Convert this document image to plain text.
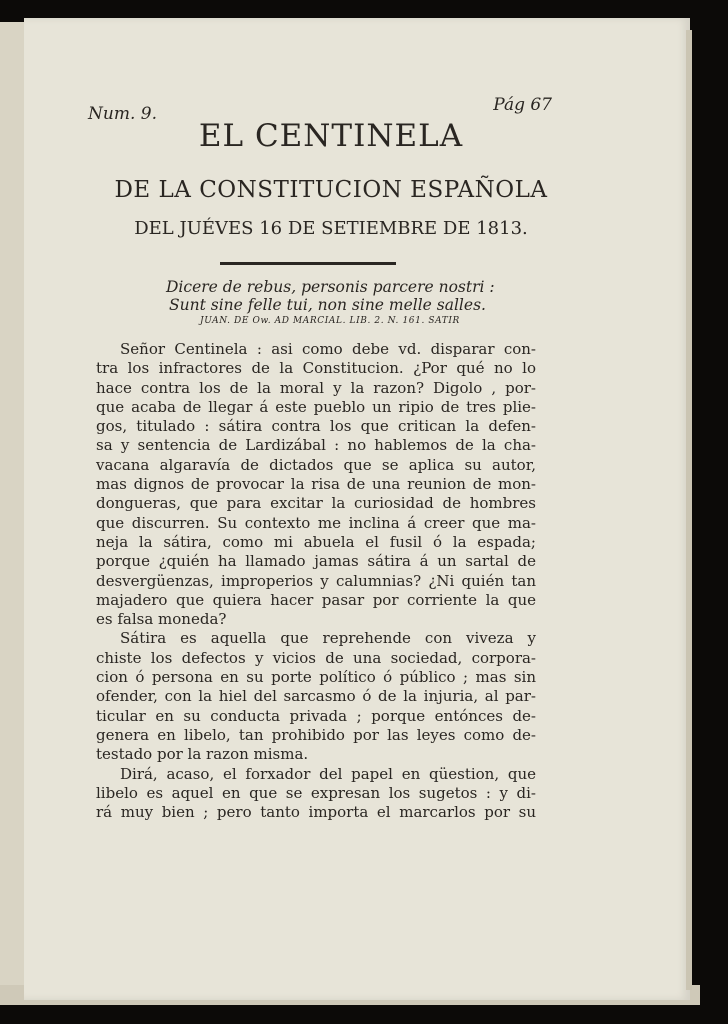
Num. 9.	Pág 67
EL CENTINELA
DE LA CONSTITUCION ESPAÑOLA
DEL JUÉVES 16 DE SETIEMBRE DE 1813.
Dicere de rebus, personis parcere nostri :
Sunt sine felle tui, non sine melle salles.
JUAN. DE Ow. AD MARCIAL. LIB. 2. N. 161. SATIR
Señor Centinela : asi como debe vd. disparar con-
tra los infractores de la Constitucion. ¿Por qué no lo
hace contra los de la moral y la razon? Digolo , por-
que acaba de llegar á este pueblo un ripio de tres plie-
gos, titulado : sátira contra los que critican la defen-
sa y sentencia de Lardizábal : no hablemos de la cha-
vacana algaravía de dictados que se aplica su autor,
mas dignos de provocar la risa de una reunion de mon-
dongueras, que para excitar la curiosidad de hombres
que discurren. Su contexto me inclina á creer que ma-
neja la sátira, como mi abuela el fusil ó la espada;
porque ¿quién ha llamado jamas sátira á un sartal de
desvergüenzas, improperios y calumnias? ¿Ni quién tan
majadero que quiera hacer pasar por corriente la que
es falsa moneda?
Sátira es aquella que reprehende con viveza y
chiste los defectos y vicios de una sociedad, corpora-
cion ó persona en su porte político ó público ; mas sin
ofender, con la hiel del sarcasmo ó de la injuria, al par-
ticular en su conducta privada ; porque entónces de-
genera en libelo, tan prohibido por las leyes como de-
testado por la razon misma.
Dirá, acaso, el forxador del papel en qüestion, que
libelo es aquel en que se expresan los sugetos : y di-
rá muy bien ; pero tanto importa el marcarlos por su
